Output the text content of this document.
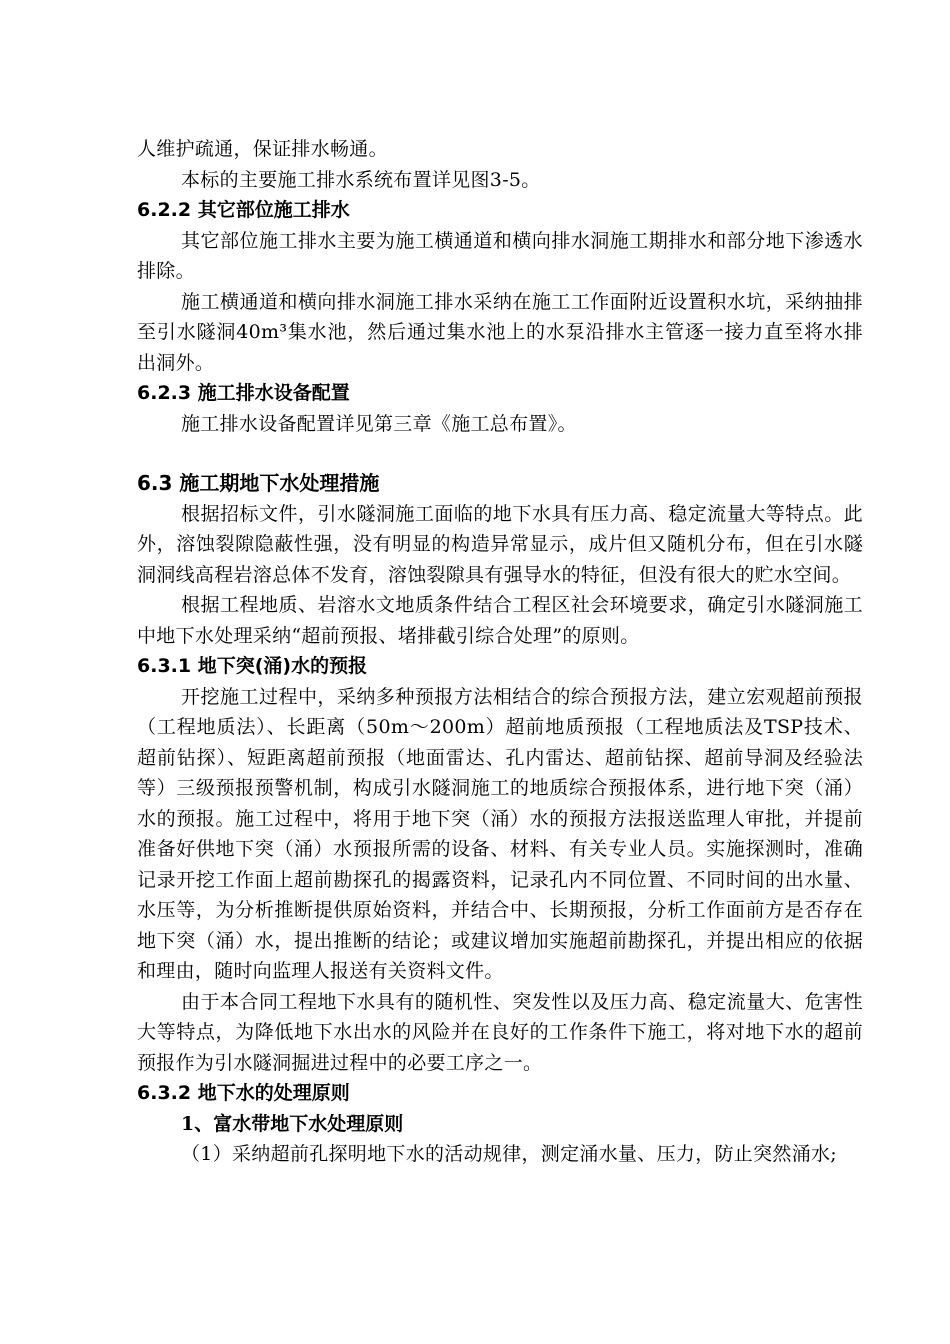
人维护疏通，保证排水畅通。

本标的主要施工排水系统布置详见图3-5。

6.2.2 其它部位施工排水

其它部位施工排水主要为施工横通道和横向排水洞施工期排水和部分地下渗透水排除。

施工横通道和横向排水洞施工排水采纳在施工工作面附近设置积水坑，采纳抽排至引水隧洞40m³集水池，然后通过集水池上的水泵沿排水主管逐一接力直至将水排出洞外。

6.2.3 施工排水设备配置

施工排水设备配置详见第三章《施工总布置》。

6.3 施工期地下水处理措施

根据招标文件，引水隧洞施工面临的地下水具有压力高、稳定流量大等特点。此外，溶蚀裂隙隐蔽性强，没有明显的构造异常显示，成片但又随机分布，但在引水隧洞洞线高程岩溶总体不发育，溶蚀裂隙具有强导水的特征，但没有很大的贮水空间。

根据工程地质、岩溶水文地质条件结合工程区社会环境要求，确定引水隧洞施工中地下水处理采纳“超前预报、堵排截引综合处理”的原则。

6.3.1 地下突(涌)水的预报

开挖施工过程中，采纳多种预报方法相结合的综合预报方法，建立宏观超前预报（工程地质法）、长距离（50m～200m）超前地质预报（工程地质法及TSP技术、超前钻探）、短距离超前预报（地面雷达、孔内雷达、超前钻探、超前导洞及经验法等）三级预报预警机制，构成引水隧洞施工的地质综合预报体系，进行地下突（涌）水的预报。施工过程中，将用于地下突（涌）水的预报方法报送监理人审批，并提前准备好供地下突（涌）水预报所需的设备、材料、有关专业人员。实施探测时，准确记录开挖工作面上超前勘探孔的揭露资料，记录孔内不同位置、不同时间的出水量、水压等，为分析推断提供原始资料，并结合中、长期预报，分析工作面前方是否存在地下突（涌）水，提出推断的结论；或建议增加实施超前勘探孔，并提出相应的依据和理由，随时向监理人报送有关资料文件。

由于本合同工程地下水具有的随机性、突发性以及压力高、稳定流量大、危害性大等特点，为降低地下水出水的风险并在良好的工作条件下施工，将对地下水的超前预报作为引水隧洞掘进过程中的必要工序之一。

6.3.2 地下水的处理原则

1、富水带地下水处理原则

（1）采纳超前孔探明地下水的活动规律，测定涌水量、压力，防止突然涌水;
